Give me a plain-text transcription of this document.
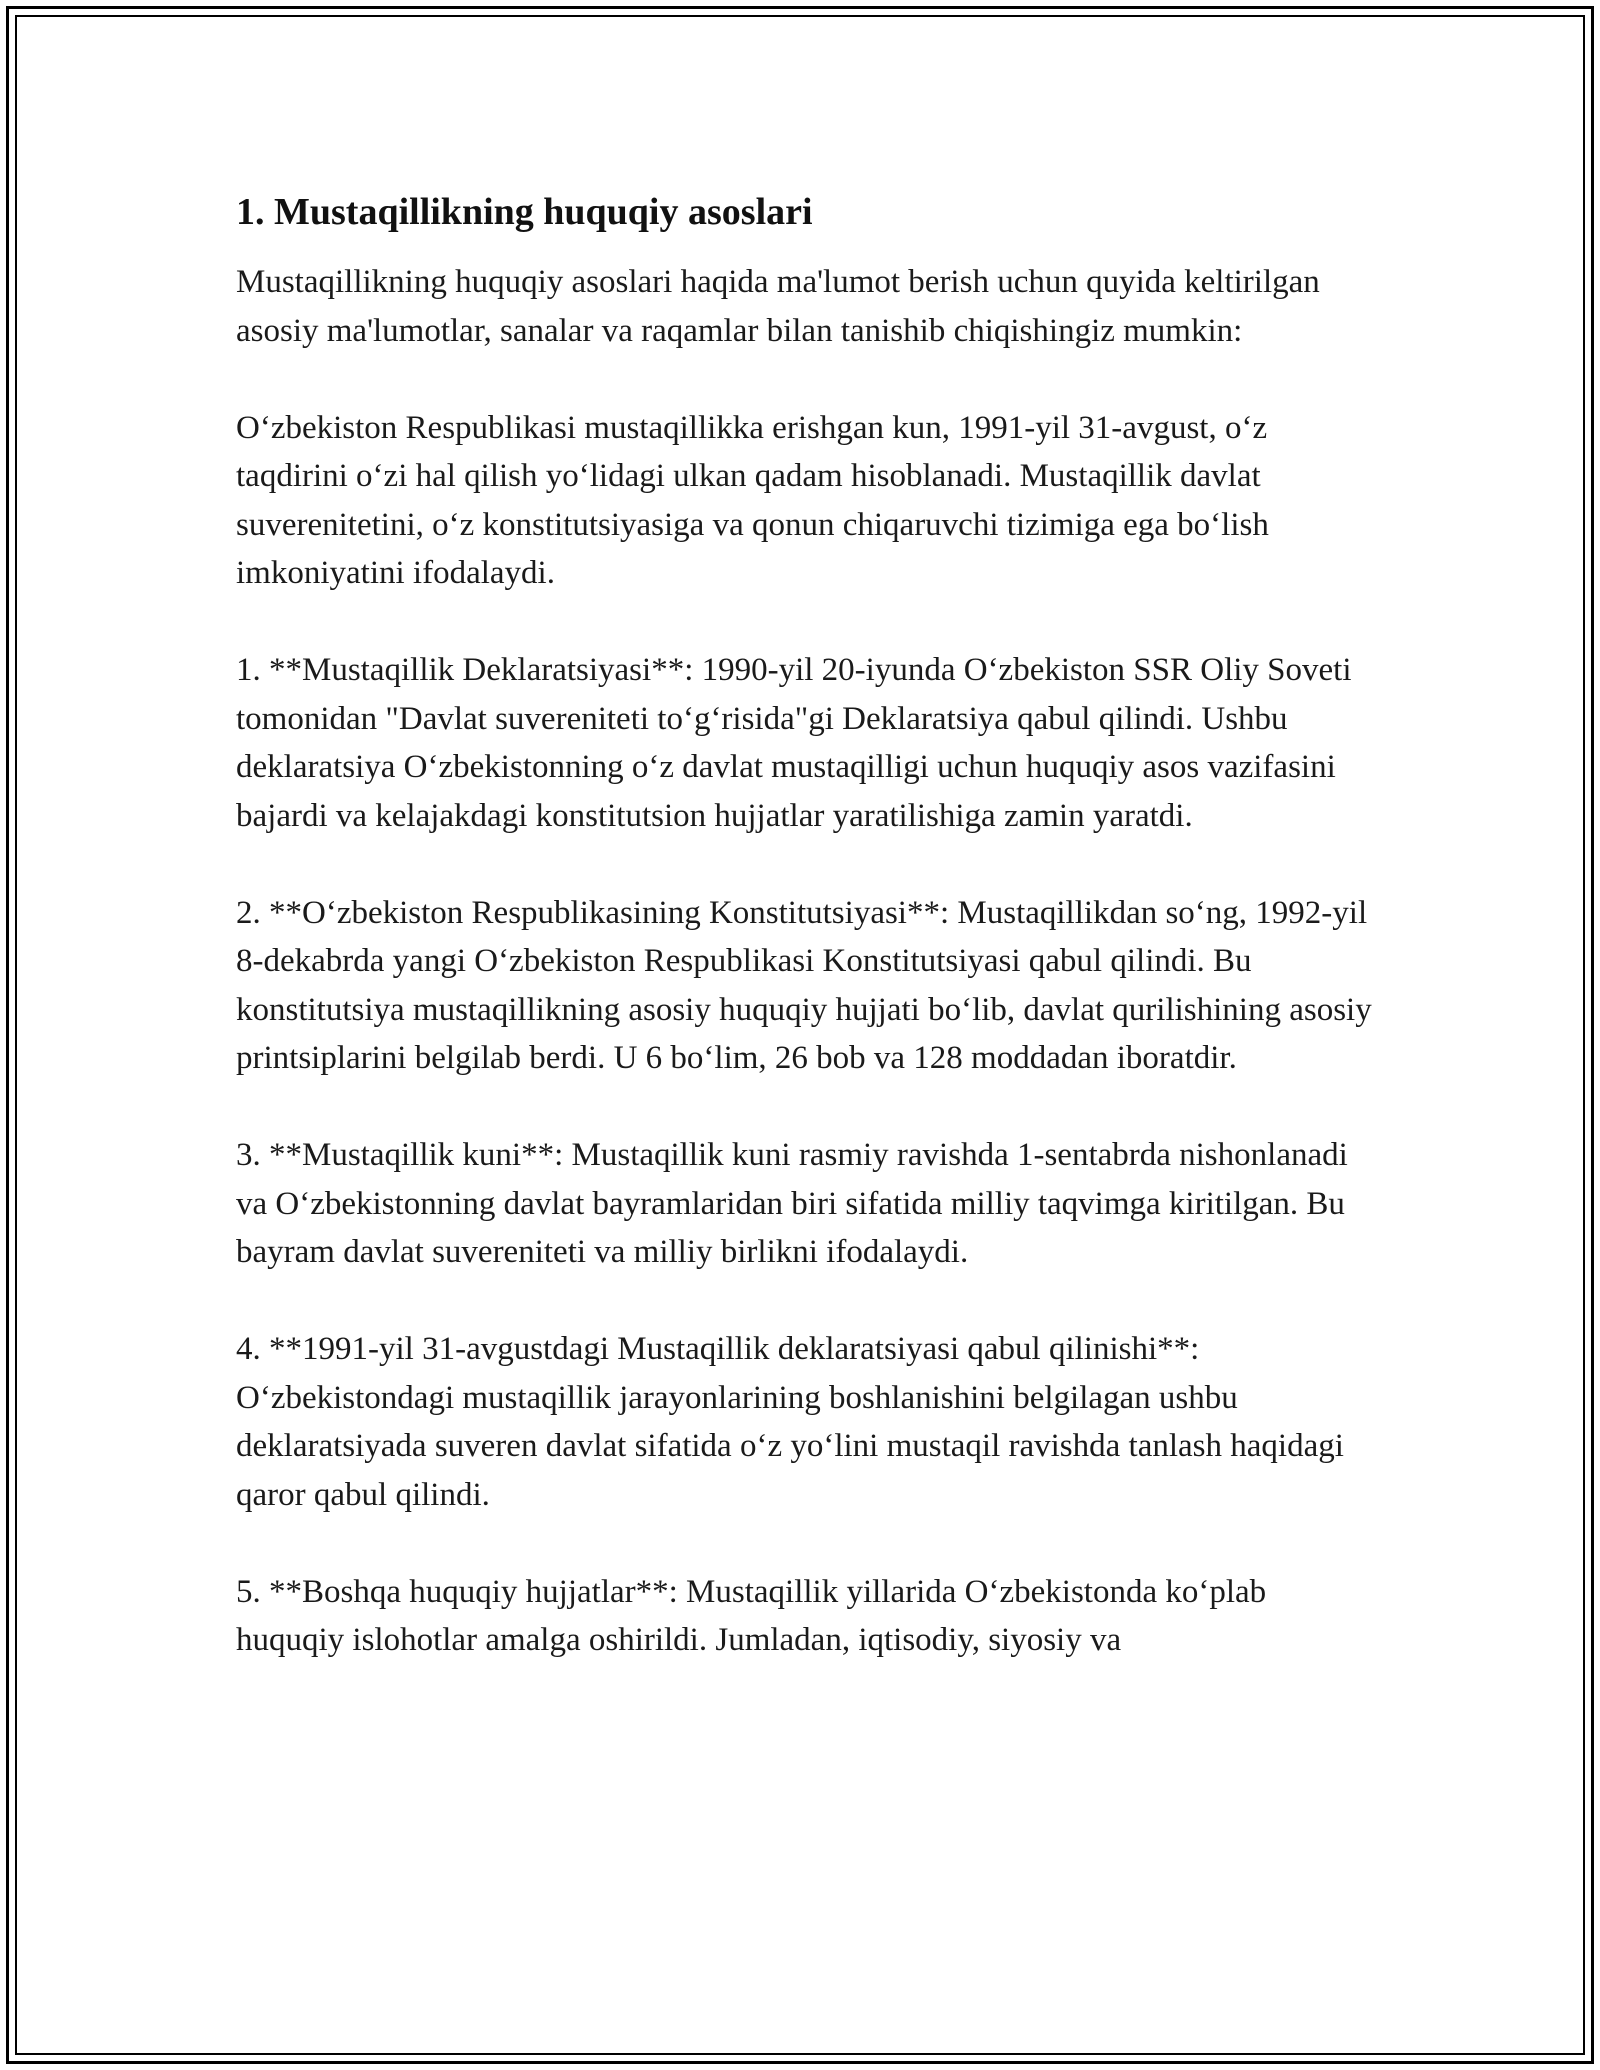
1. Mustaqillikning huquqiy asoslari

Mustaqillikning huquqiy asoslari haqida ma'lumot berish uchun quyida keltirilgan asosiy ma'lumotlar, sanalar va raqamlar bilan tanishib chiqishingiz mumkin:

O‘zbekiston Respublikasi mustaqillikka erishgan kun, 1991-yil 31-avgust, o‘z taqdirini o‘zi hal qilish yo‘lidagi ulkan qadam hisoblanadi. Mustaqillik davlat suverenitetini, o‘z konstitutsiyasiga va qonun chiqaruvchi tizimiga ega bo‘lish imkoniyatini ifodalaydi.

1. **Mustaqillik Deklaratsiyasi**: 1990-yil 20-iyunda O‘zbekiston SSR Oliy Soveti tomonidan "Davlat suvereniteti to‘g‘risida"gi Deklaratsiya qabul qilindi. Ushbu deklaratsiya O‘zbekistonning o‘z davlat mustaqilligi uchun huquqiy asos vazifasini bajardi va kelajakdagi konstitutsion hujjatlar yaratilishiga zamin yaratdi.

2. **O‘zbekiston Respublikasining Konstitutsiyasi**: Mustaqillikdan so‘ng, 1992-yil 8-dekabrda yangi O‘zbekiston Respublikasi Konstitutsiyasi qabul qilindi. Bu konstitutsiya mustaqillikning asosiy huquqiy hujjati bo‘lib, davlat qurilishining asosiy printsiplarini belgilab berdi. U 6 bo‘lim, 26 bob va 128 moddadan iboratdir.

3. **Mustaqillik kuni**: Mustaqillik kuni rasmiy ravishda 1-sentabrda nishonlanadi va O‘zbekistonning davlat bayramlaridan biri sifatida milliy taqvimga kiritilgan. Bu bayram davlat suvereniteti va milliy birlikni ifodalaydi.

4. **1991-yil 31-avgustdagi Mustaqillik deklaratsiyasi qabul qilinishi**: O‘zbekistondagi mustaqillik jarayonlarining boshlanishini belgilagan ushbu deklaratsiyada suveren davlat sifatida o‘z yo‘lini mustaqil ravishda tanlash haqidagi qaror qabul qilindi.

5. **Boshqa huquqiy hujjatlar**: Mustaqillik yillarida O‘zbekistonda ko‘plab huquqiy islohotlar amalga oshirildi. Jumladan, iqtisodiy, siyosiy va
